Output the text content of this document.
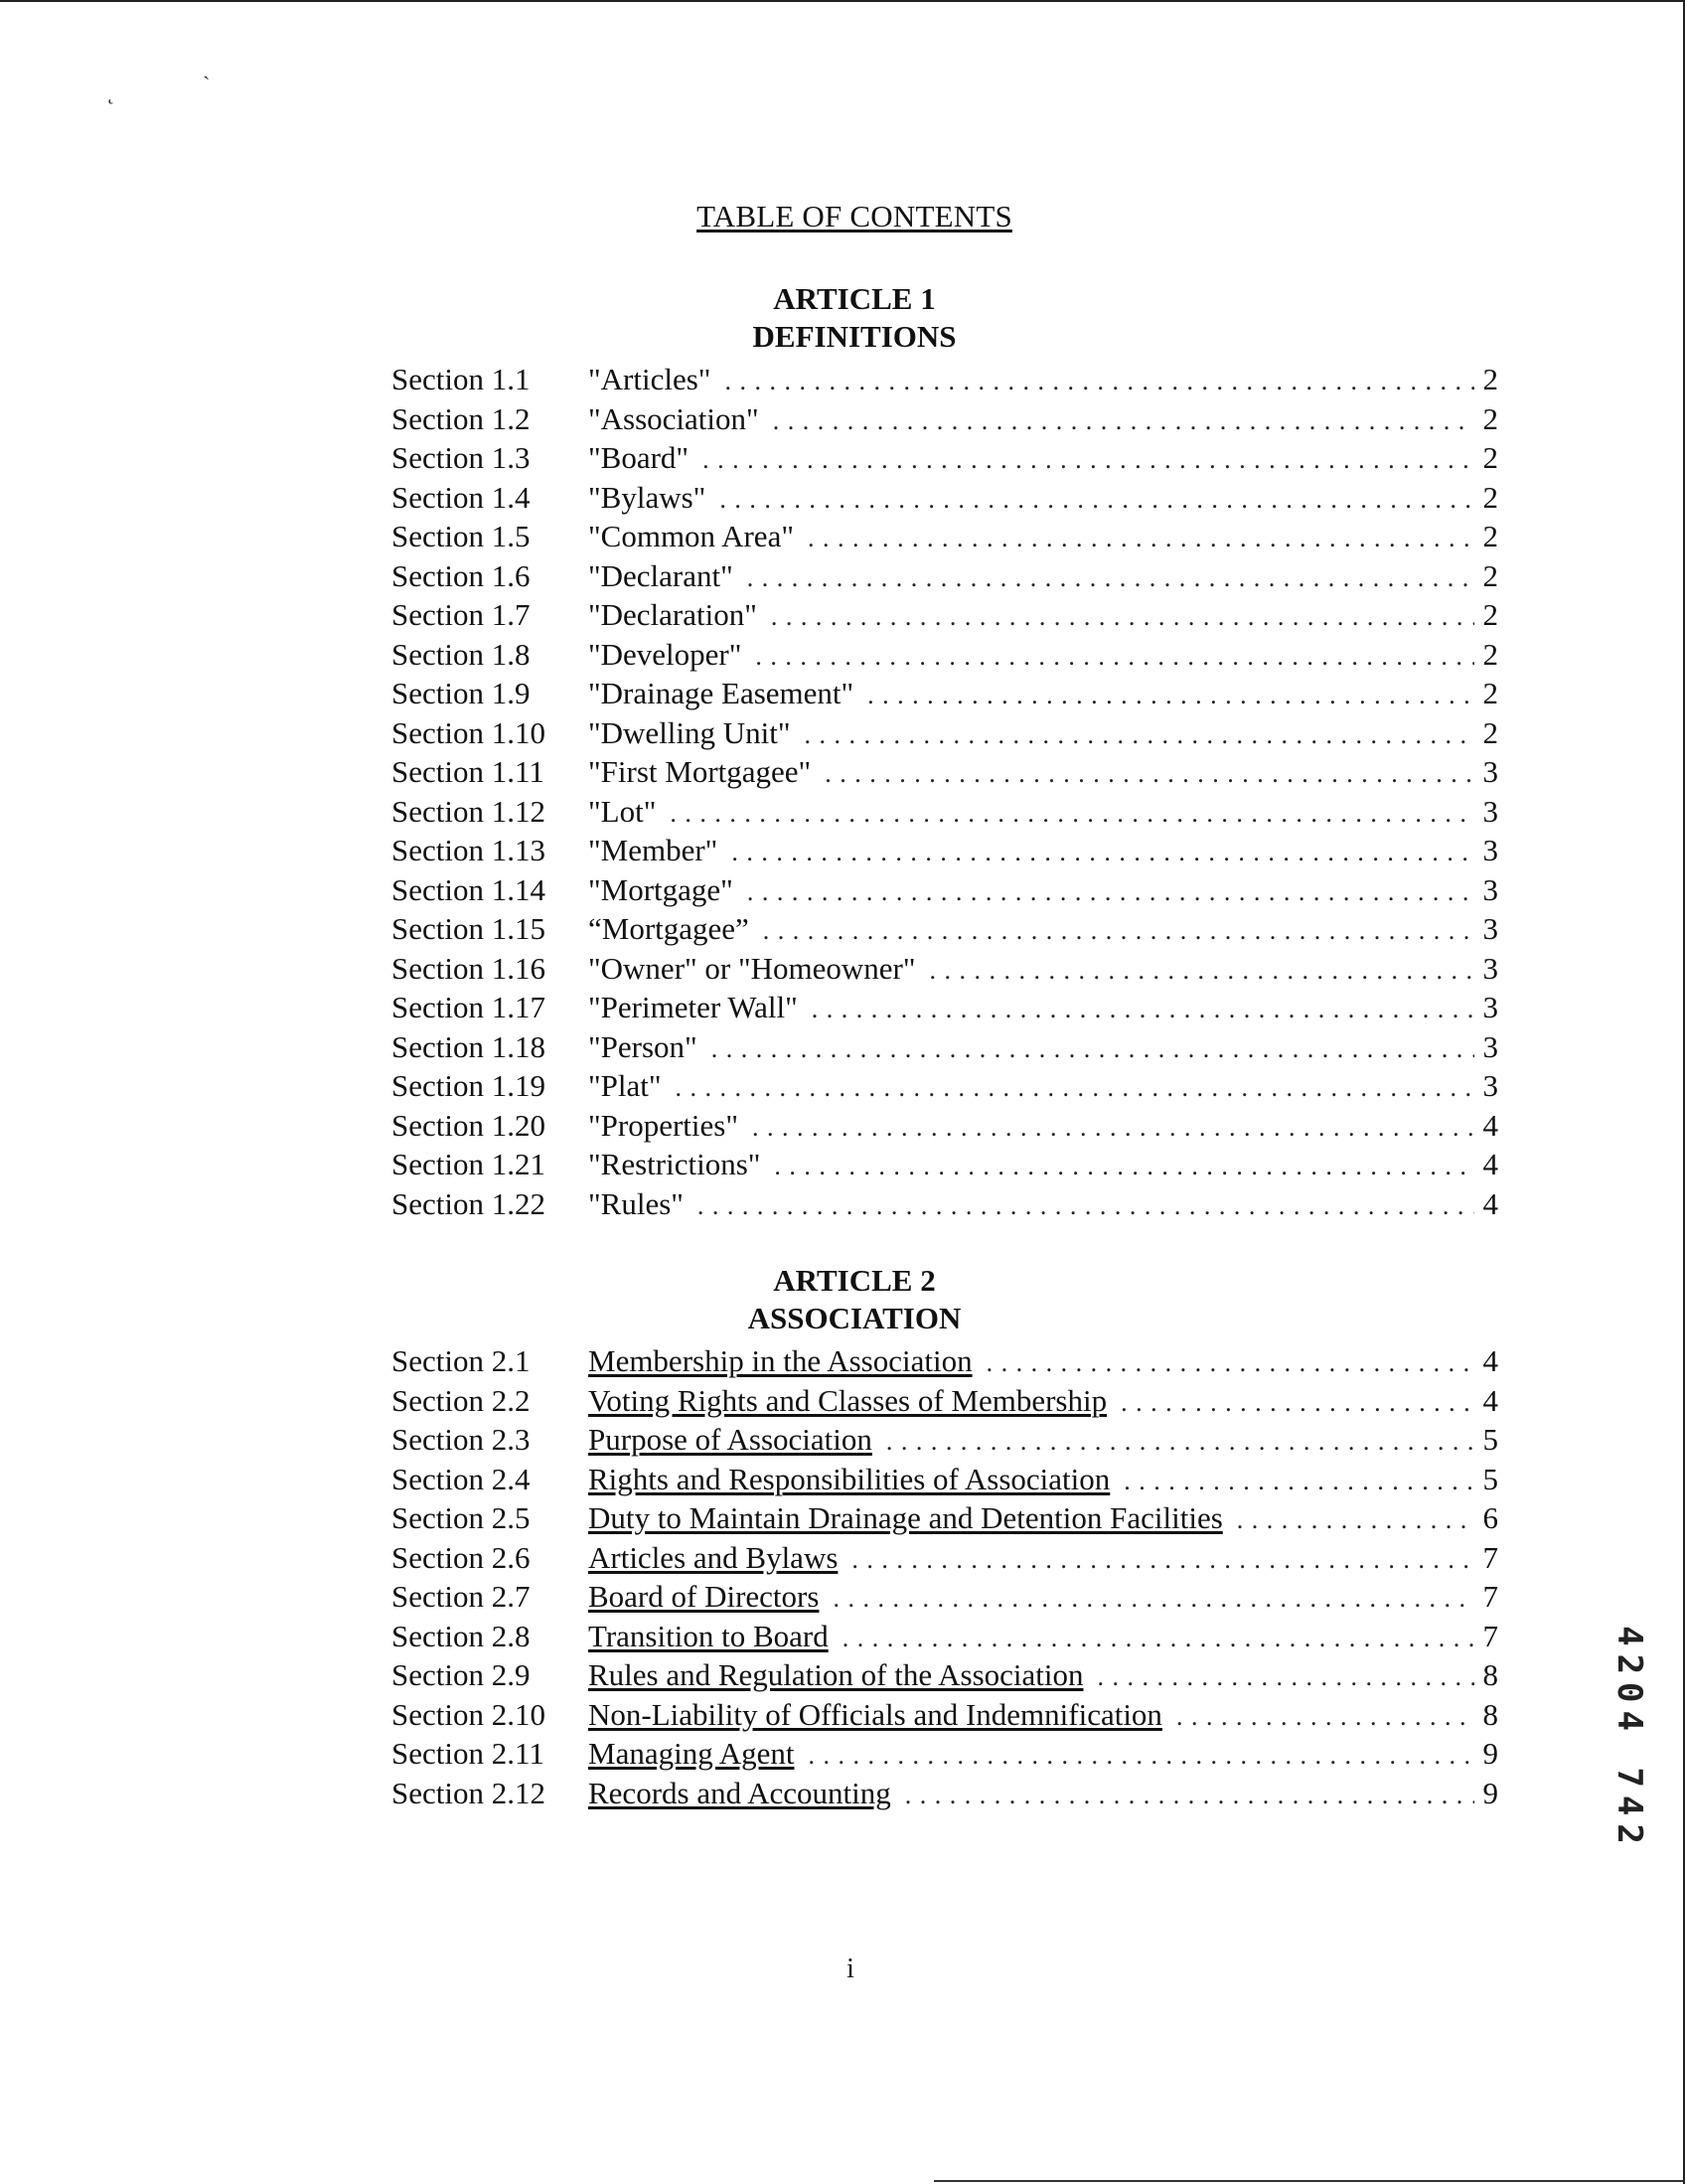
˛	`
TABLE OF CONTENTS
ARTICLE 1
DEFINITIONS
Section 1.1	"Articles" . . .	2
Section 1.2	"Association" . . .	2
Section 1.3	"Board" . . .	2
Section 1.4	"Bylaws" . . .	2
Section 1.5	"Common Area" . . .	2
Section 1.6	"Declarant" . . .	2
Section 1.7	"Declaration" . . .	2
Section 1.8	"Developer" . . .	2
Section 1.9	"Drainage Easement" . . .	2
Section 1.10	"Dwelling Unit" . . .	2
Section 1.11	"First Mortgagee" . . .	3
Section 1.12	"Lot" . . .	3
Section 1.13	"Member" . . .	3
Section 1.14	"Mortgage" . . .	3
Section 1.15	“Mortgagee” . . .	3
Section 1.16	"Owner" or "Homeowner" . . .	3
Section 1.17	"Perimeter Wall" . . .	3
Section 1.18	"Person" . . .	3
Section 1.19	"Plat" . . .	3
Section 1.20	"Properties" . . .	4
Section 1.21	"Restrictions" . . .	4
Section 1.22	"Rules" . . .	4
ARTICLE 2
ASSOCIATION
Section 2.1	Membership in the Association . . .	4
Section 2.2	Voting Rights and Classes of Membership . . .	4
Section 2.3	Purpose of Association . . .	5
Section 2.4	Rights and Responsibilities of Association . . .	5
Section 2.5	Duty to Maintain Drainage and Detention Facilities . . .	6
Section 2.6	Articles and Bylaws . . .	7
Section 2.7	Board of Directors . . .	7
Section 2.8	Transition to Board . . .	7
Section 2.9	Rules and Regulation of the Association . . .	8
Section 2.10	Non-Liability of Officials and Indemnification . . .	8
Section 2.11	Managing Agent . . .	9
Section 2.12	Records and Accounting . . .	9	4204 742
i
